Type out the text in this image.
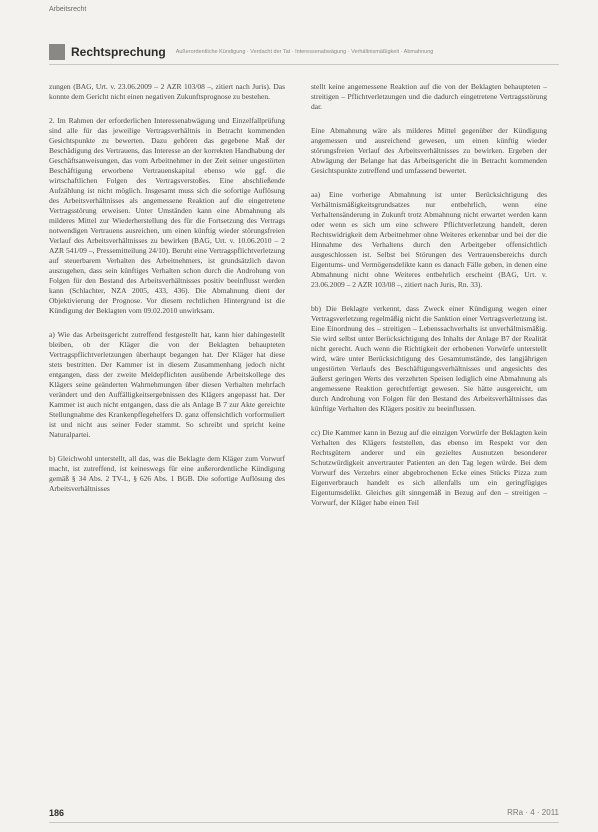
Arbeitsrecht
Rechtsprechung Außerordentliche Kündigung · Verdacht der Tat · Interessenabwägung · Verhältnismäßigkeit · Abmahnung

zungen (BAG, Urt. v. 23.06.2009 – 2 AZR 103/08 –, zitiert nach Juris). Das konnte dem Gericht nicht einen negativen Zukunftsprognose zu bestehen.

2. Im Rahmen der erforderlichen Interessenabwägung und Einzelfallprüfung sind alle für das jeweilige Vertragsverhältnis in Betracht kommenden Gesichtspunkte zu bewerten. Dazu gehören das gegebene Maß der Beschädigung des Vertrauens, das Interesse an der korrekten Handhabung der Geschäftsanweisungen, das vom Arbeitnehmer in der Zeit seiner ungestörten Beschäftigung erworbene Vertrauenskapital ebenso wie ggf. die wirtschaftlichen Folgen des Vertragsverstoßes. Eine abschließende Aufzählung ist nicht möglich. Insgesamt muss sich die sofortige Auflösung des Arbeitsverhältnisses als angemessene Reaktion auf die eingetretene Vertragsstörung erweisen. Unter Umständen kann eine Abmahnung als milderes Mittel zur Wiederherstellung des für die Fortsetzung des Vertrags notwendigen Vertrauens ausreichen, um einen künftig wieder störungsfreien Verlauf des Arbeitsverhältnisses zu bewirken (BAG, Urt. v. 10.06.2010 – 2 AZR 541/09 –, Pressemitteilung 24/10). Beruht eine Vertragspflichtverletzung auf steuerbarem Verhalten des Arbeitnehmers, ist grundsätzlich davon auszugehen, dass sein künftiges Verhalten schon durch die Androhung von Folgen für den Bestand des Arbeitsverhältnisses positiv beeinflusst werden kann (Schlachter, NZA 2005, 433, 436). Die Abmahnung dient der Objektivierung der Prognose. Vor diesem rechtlichen Hintergrund ist die Kündigung der Beklagten vom 09.02.2010 unwirksam.

a) Wie das Arbeitsgericht zutreffend festgestellt hat, kann hier dahingestellt bleiben, ob der Kläger die von der Beklagten behaupteten Vertragspflichtverletzungen überhaupt begangen hat. Der Kläger hat diese stets bestritten. Der Kammer ist in diesem Zusammenhang jedoch nicht entgangen, dass der zweite Meldepflichten ausübende Arbeitskollege des Klägers seine geänderten Wahrnehmungen über diesen Verhalten mehrfach verändert und den Auffälligkeitsergebnissen des Klägers angepasst hat. Der Kammer ist auch nicht entgangen, dass die als Anlage B 7 zur Akte gereichte Stellungnahme des Krankenpflegehelfers D. ganz offensichtlich vorformuliert ist und nicht aus seiner Feder stammt. So schreibt und spricht keine Naturalpartei.

b) Gleichwohl unterstellt, all das, was die Beklagte dem Kläger zum Vorwurf macht, ist zutreffend, ist keineswegs für eine außerordentliche Kündigung gemäß § 34 Abs. 2 TV-L, § 626 Abs. 1 BGB. Die sofortige Auflösung des Arbeitsverhältnisses

stellt keine angemessene Reaktion auf die von der Beklagten behaupteten – streitigen – Pflichtverletzungen und die dadurch eingetretene Vertragsstörung dar.

Eine Abmahnung wäre als milderes Mittel gegenüber der Kündigung angemessen und ausreichend gewesen, um einen künftig wieder störungsfreien Verlauf des Arbeitsverhältnisses zu bewirken. Ergeben der Abwägung der Belange hat das Arbeitsgericht die in Betracht kommenden Gesichtspunkte zutreffend und umfassend bewertet.

aa) Eine vorherige Abmahnung ist unter Berücksichtigung des Verhältnismäßigkeitsgrundsatzes nur entbehrlich, wenn eine Verhaltensänderung in Zukunft trotz Abmahnung nicht erwartet werden kann oder wenn es sich um eine schwere Pflichtverletzung handelt, deren Rechtswidrigkeit dem Arbeitnehmer ohne Weiteres erkennbar und bei der die Hinnahme des Verhaltens durch den Arbeitgeber offensichtlich ausgeschlossen ist. Selbst bei Störungen des Vertrauensbereichs durch Eigentums- und Vermögensdelikte kann es danach Fälle geben, in denen eine Abmahnung nicht ohne Weiteres entbehrlich erscheint (BAG, Urt. v. 23.06.2009 – 2 AZR 103/08 –, zitiert nach Juris, Rn. 33).

bb) Die Beklagte verkennt, dass Zweck einer Kündigung wegen einer Vertragsverletzung regelmäßig nicht die Sanktion einer Vertragsverletzung ist. Eine Einordnung des – streitigen – Lebenssachverhalts ist unverhältnismäßig. Sie wird selbst unter Berücksichtigung des Inhalts der Anlage B7 der Realität nicht gerecht. Auch wenn die Richtigkeit der erhobenen Vorwürfe unterstellt wird, wäre unter Berücksichtigung des Gesamtumstände, des langjährigen ungestörten Verlaufs des Beschäftigungsverhältnisses und angesichts des äußerst geringen Werts des verzehrten Speisen lediglich eine Abmahnung als angemessene Reaktion gerechtfertigt gewesen. Sie hätte ausgereicht, um durch Androhung von Folgen für den Bestand des Arbeitsverhältnisses das künftige Verhalten des Klägers positiv zu beeinflussen.

cc) Die Kammer kann in Bezug auf die einzigen Vorwürfe der Beklagten kein Verhalten des Klägers feststellen, das ebenso im Respekt vor den Rechtsgütern anderer und ein gezieltes Ausnutzen besonderer Schutzwürdigkeit anvertrauter Patienten an den Tag legen würde. Bei dem Vorwurf des Verzehrs einer abgebrochenen Ecke eines Stücks Pizza zum Eigenverbrauch handelt es sich allenfalls um ein geringfügiges Eigentumsdelikt. Gleiches gilt sinngemäß in Bezug auf den – streitigen – Vorwurf, der Kläger habe einen Teil

186	RRa · 4 · 2011
